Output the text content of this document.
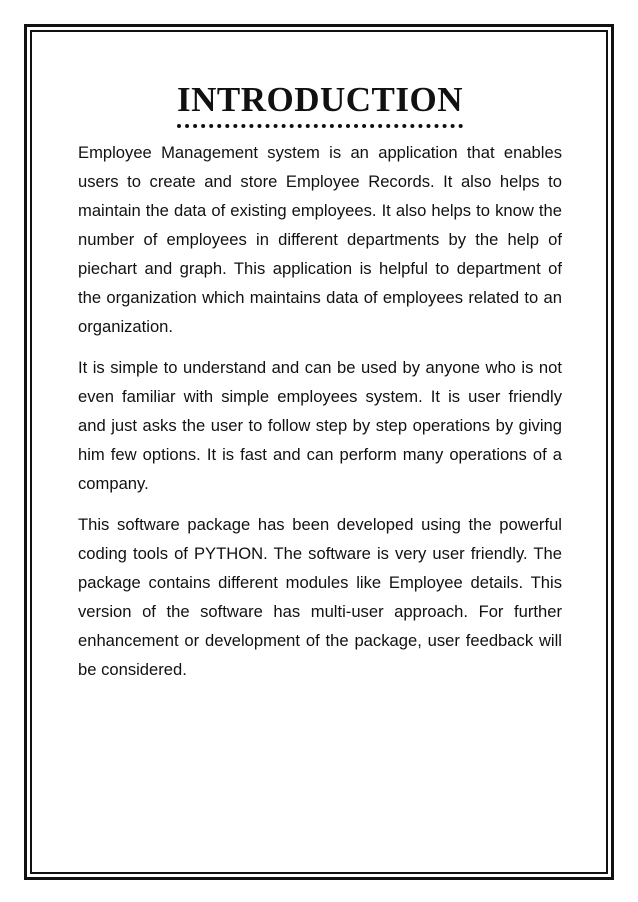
INTRODUCTION

Employee Management system is an application that enables users to create and store Employee Records. It also helps to maintain the data of existing employees. It also helps to know the number of employees in different departments by the help of piechart and graph. This application is helpful to department of the organization which maintains data of employees related to an organization.

It is simple to understand and can be used by anyone who is not even familiar with simple employees system. It is user friendly and just asks the user to follow step by step operations by giving him few options. It is fast and can perform many operations of a company.

This software package has been developed using the powerful coding tools of PYTHON. The software is very user friendly. The package contains different modules like Employee details. This version of the software has multi-user approach. For further enhancement or development of the package, user feedback will be considered.
